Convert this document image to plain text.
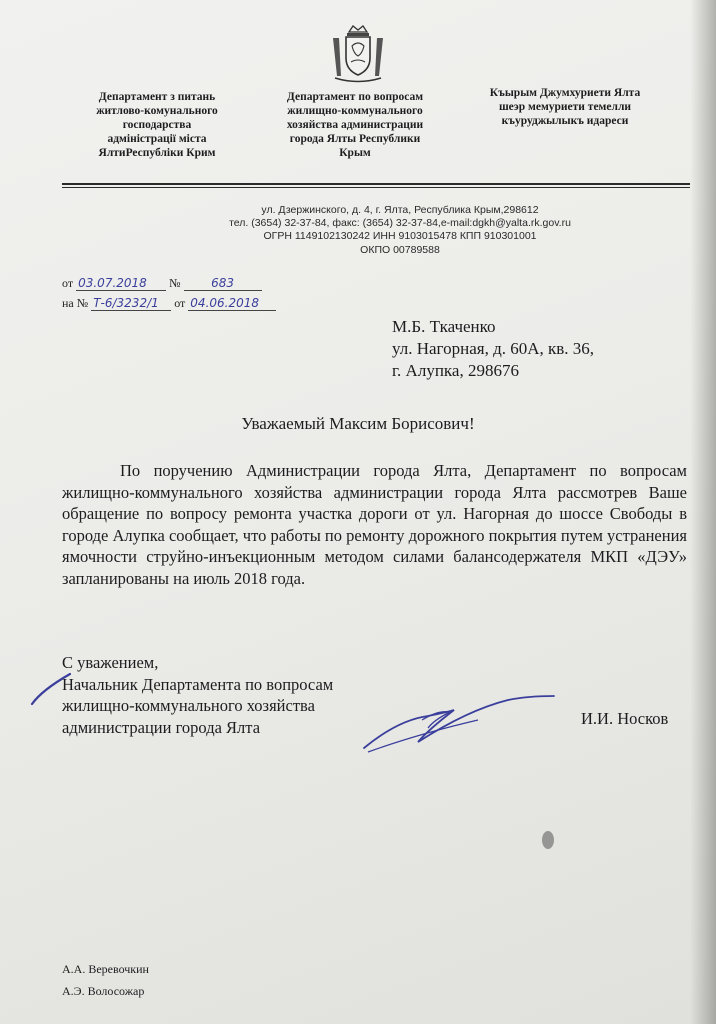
Департамент з питань
житлово-комунального
господарства
адміністрації міста
ЯлтиРеспубліки Крим
Департамент по вопросам
жилищно-коммунального
хозяйства администрации
города Ялты Республики
Крым
Къырым Джумхуриети Ялта
шеэр мемуриети темелли
къуруджылыкъ идареси
ул. Дзержинского, д. 4, г. Ялта, Республика Крым,298612
тел. (3654) 32-37-84, факс: (3654) 32-37-84,e-mail:dgkh@yalta.rk.gov.ru
ОГРН 1149102130242 ИНН 9103015478 КПП 910301001
ОКПО 00789588
от 03.07.2018 №	683
на № Т-6/3232/1 от 04.06.2018
М.Б. Ткаченко
ул. Нагорная, д. 60А, кв. 36,
г. Алупка, 298676
Уважаемый Максим Борисович!
По поручению Администрации города Ялта, Департамент по вопросам жилищно-коммунального хозяйства администрации города Ялта рассмотрев Ваше обращение по вопросу ремонта участка дороги от ул. Нагорная до шоссе Свободы в городе Алупка сообщает, что работы по ремонту дорожного покрытия путем устранения ямочности струйно-инъекционным методом силами балансодержателя МКП «ДЭУ» запланированы на июль 2018 года.
С уважением,
Начальник Департамента по вопросам
жилищно-коммунального хозяйства
администрации города Ялта	И.И. Носков
А.А. Веревочкин
А.Э. Волосожар
